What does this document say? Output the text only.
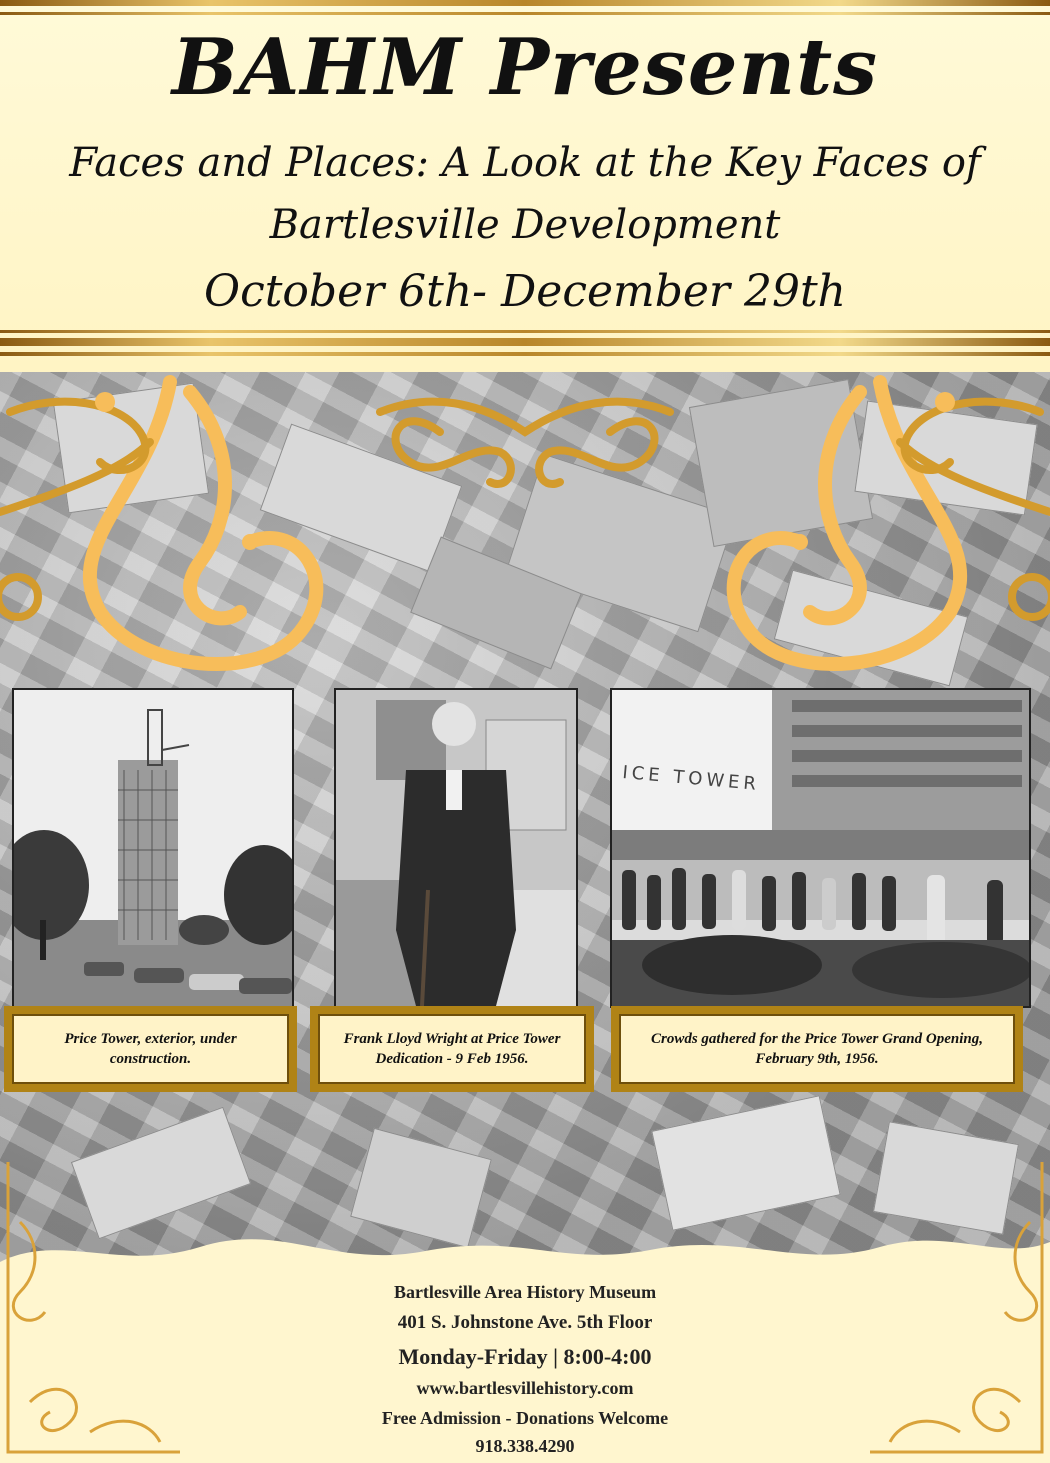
BAHM Presents
Faces and Places: A Look at the Key Faces of
Bartlesville Development
October 6th- December 29th
ICE TOWER
Price Tower, exterior, under construction.
Frank Lloyd Wright at Price Tower Dedication - 9 Feb 1956.
Crowds gathered for the Price Tower Grand Opening, February 9th, 1956.
Bartlesville Area History Museum
401 S. Johnstone Ave. 5th Floor
Monday-Friday | 8:00-4:00
www.bartlesvillehistory.com
Free Admission - Donations Welcome
918.338.4290
